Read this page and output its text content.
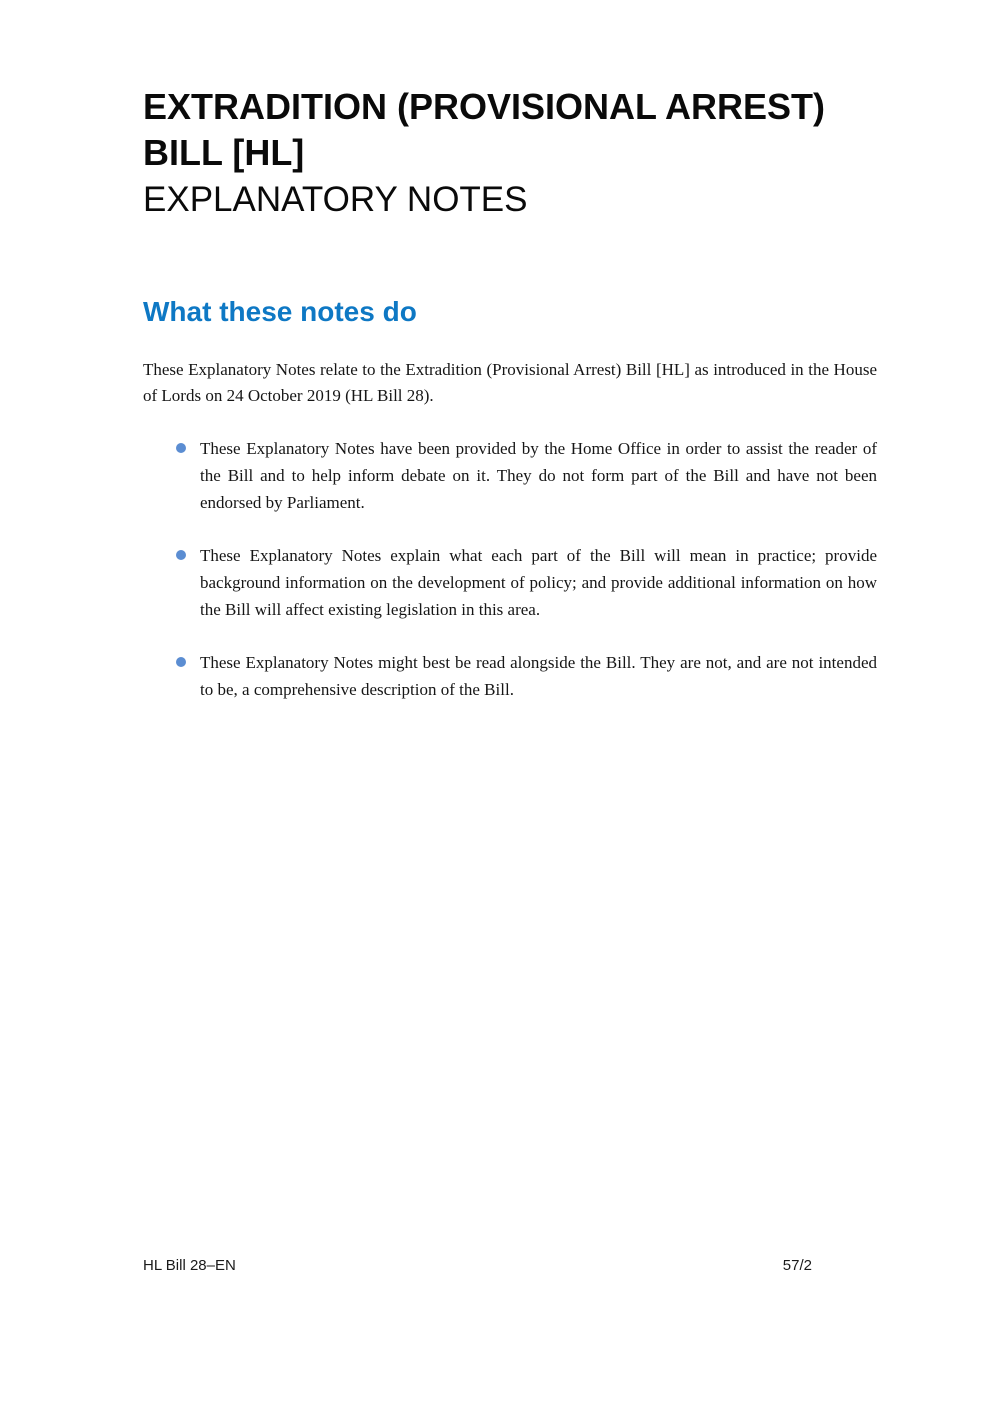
EXTRADITION (PROVISIONAL ARREST)
BILL [HL]
EXPLANATORY NOTES
What these notes do

These Explanatory Notes relate to the Extradition (Provisional Arrest) Bill [HL] as introduced in the House of Lords on 24 October 2019 (HL Bill 28).

These Explanatory Notes have been provided by the Home Office in order to assist the reader of the Bill and to help inform debate on it. They do not form part of the Bill and have not been endorsed by Parliament.
These Explanatory Notes explain what each part of the Bill will mean in practice; provide background information on the development of policy; and provide additional information on how the Bill will affect existing legislation in this area.
These Explanatory Notes might best be read alongside the Bill. They are not, and are not intended to be, a comprehensive description of the Bill.
HL Bill 28–EN	57/2
